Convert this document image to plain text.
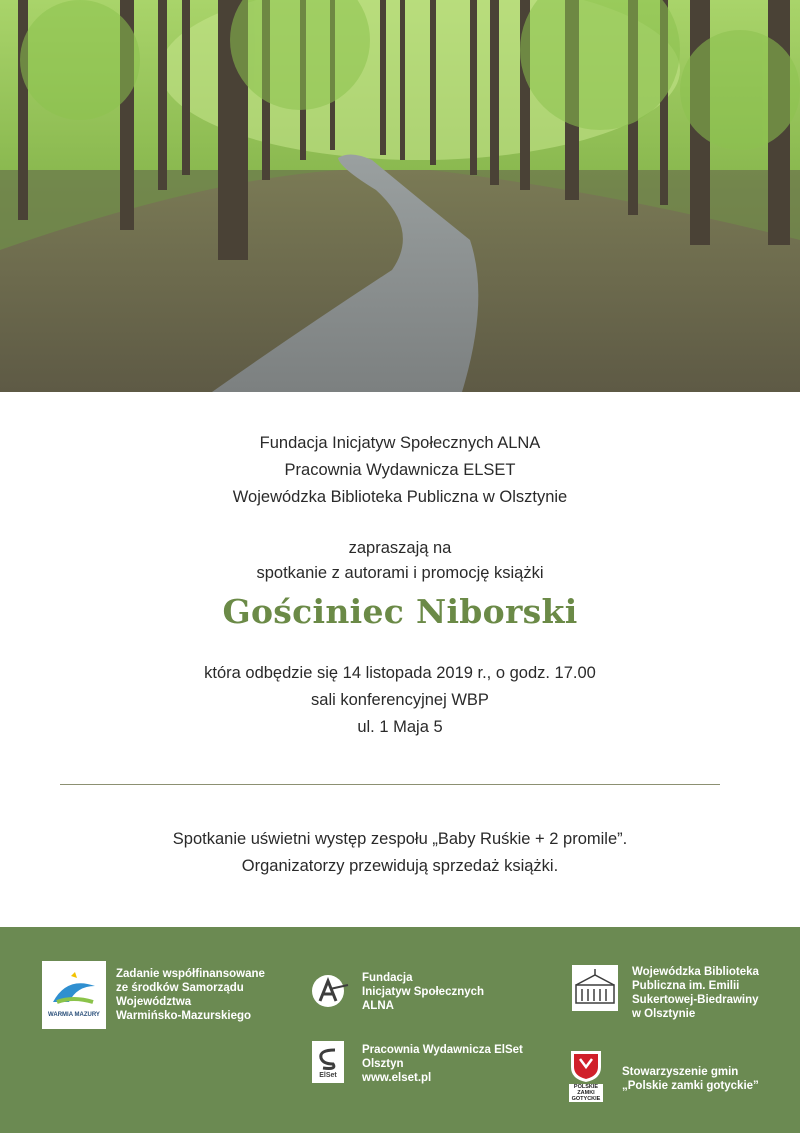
Fundacja Inicjatyw Społecznych ALNA
Pracownia Wydawnicza ELSET
Wojewódzka Biblioteka Publiczna w Olsztynie
zapraszają na
spotkanie z autorami i promocję książki
Gościniec Niborski
która odbędzie się 14 listopada 2019 r., o godz. 17.00
sali konferencyjnej WBP
ul. 1 Maja 5
Spotkanie uświetni występ zespołu „Baby Ruśkie + 2 promile”.
Organizatorzy przewidują sprzedaż książki.
WARMIA MAZURY
Zadanie współfinansowane
ze środków Samorządu
Województwa
Warmińsko-Mazurskiego
Fundacja
Inicjatyw Społecznych
ALNA
ElSet
Pracownia Wydawnicza ElSet
Olsztyn
www.elset.pl
Wojewódzka Biblioteka
Publiczna im. Emilii
Sukertowej-Biedrawiny
w Olsztynie
POLSKIE ZAMKI GOTYCKIE
Stowarzyszenie gmin
„Polskie zamki gotyckie”
